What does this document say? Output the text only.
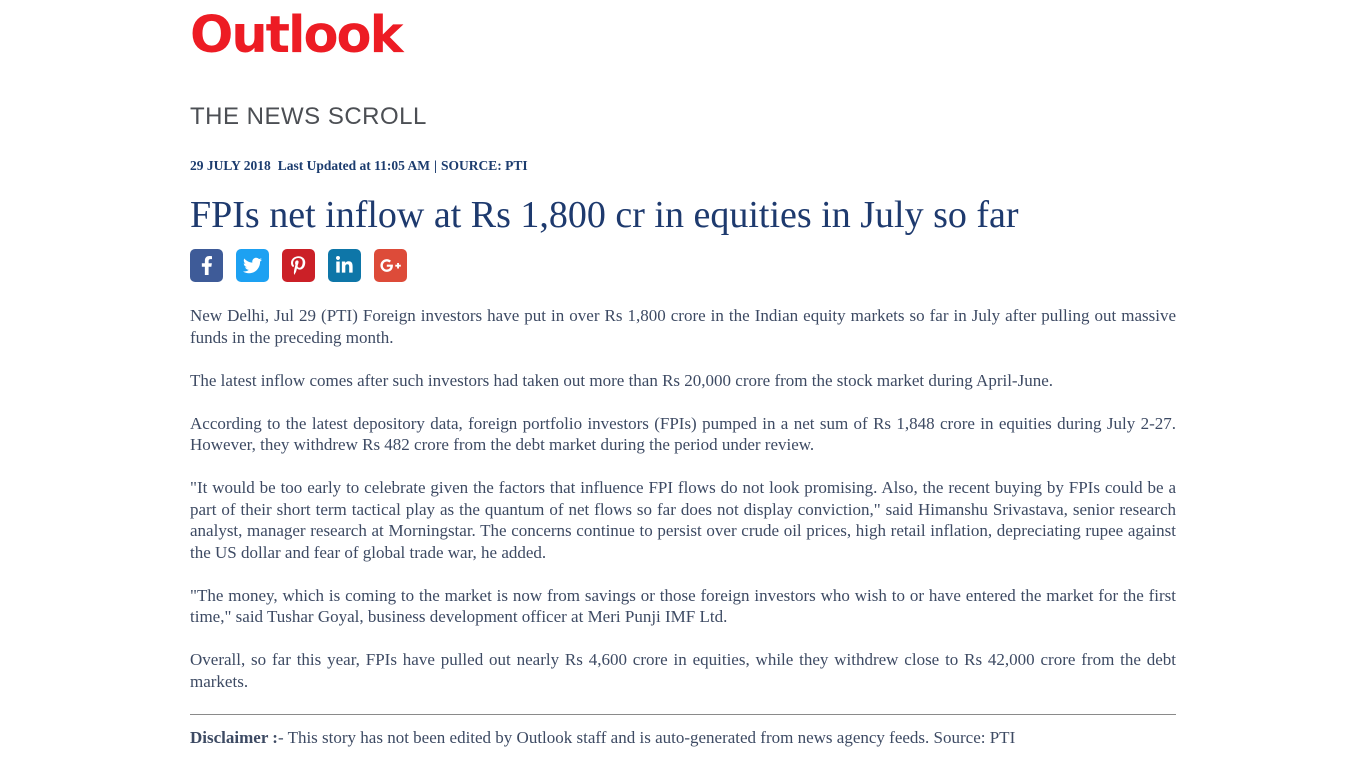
Outlook
THE NEWS SCROLL
29 JULY 2018 Last Updated at 11:05 AM | SOURCE: PTI
FPIs net inflow at Rs 1,800 cr in equities in July so far

New Delhi, Jul 29 (PTI) Foreign investors have put in over Rs 1,800 crore in the Indian equity markets so far in July after pulling out massive funds in the preceding month.

The latest inflow comes after such investors had taken out more than Rs 20,000 crore from the stock market during April-June.

According to the latest depository data, foreign portfolio investors (FPIs) pumped in a net sum of Rs 1,848 crore in equities during July 2-27. However, they withdrew Rs 482 crore from the debt market during the period under review.

"It would be too early to celebrate given the factors that influence FPI flows do not look promising. Also, the recent buying by FPIs could be a part of their short term tactical play as the quantum of net flows so far does not display conviction," said Himanshu Srivastava, senior research analyst, manager research at Morningstar. The concerns continue to persist over crude oil prices, high retail inflation, depreciating rupee against the US dollar and fear of global trade war, he added.

"The money, which is coming to the market is now from savings or those foreign investors who wish to or have entered the market for the first time," said Tushar Goyal, business development officer at Meri Punji IMF Ltd.

Overall, so far this year, FPIs have pulled out nearly Rs 4,600 crore in equities, while they withdrew close to Rs 42,000 crore from the debt markets.

Disclaimer :- This story has not been edited by Outlook staff and is auto-generated from news agency feeds. Source: PTI
